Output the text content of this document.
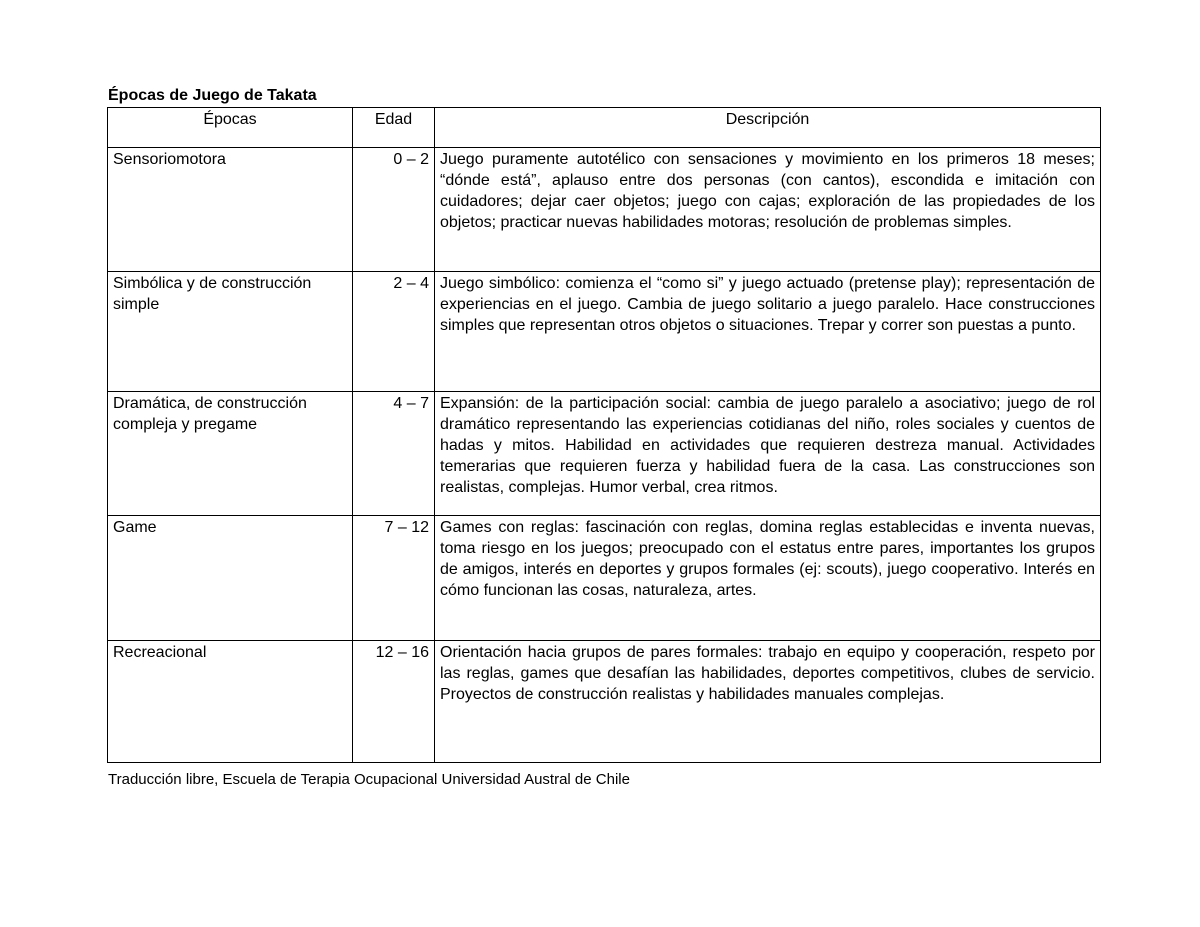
Épocas de Juego de Takata
Épocas	Edad	Descripción
Sensoriomotora	0 – 2	Juego puramente autotélico con sensaciones y movimiento en los primeros 18 meses; “dónde está”, aplauso entre dos personas (con cantos), escondida e imitación con cuidadores; dejar caer objetos; juego con cajas; exploración de las propiedades de los objetos; practicar nuevas habilidades motoras; resolución de problemas simples.
Simbólica y de construcción simple	2 – 4	Juego simbólico: comienza el “como si” y juego actuado (pretense play); representación de experiencias en el juego. Cambia de juego solitario a juego paralelo. Hace construcciones simples que representan otros objetos o situaciones. Trepar y correr son puestas a punto.
Dramática, de construcción compleja y pregame	4 – 7	Expansión: de la participación social: cambia de juego paralelo a asociativo; juego de rol dramático representando las experiencias cotidianas del niño, roles sociales y cuentos de hadas y mitos. Habilidad en actividades que requieren destreza manual. Actividades temerarias que requieren fuerza y habilidad fuera de la casa. Las construcciones son realistas, complejas. Humor verbal, crea ritmos.
Game	7 – 12	Games con reglas: fascinación con reglas, domina reglas establecidas e inventa nuevas, toma riesgo en los juegos; preocupado con el estatus entre pares, importantes los grupos de amigos, interés en deportes y grupos formales (ej: scouts), juego cooperativo. Interés en cómo funcionan las cosas, naturaleza, artes.
Recreacional	12 – 16	Orientación hacia grupos de pares formales: trabajo en equipo y cooperación, respeto por las reglas, games que desafían las habilidades, deportes competitivos, clubes de servicio. Proyectos de construcción realistas y habilidades manuales complejas.
Traducción libre, Escuela de Terapia Ocupacional Universidad Austral de Chile
